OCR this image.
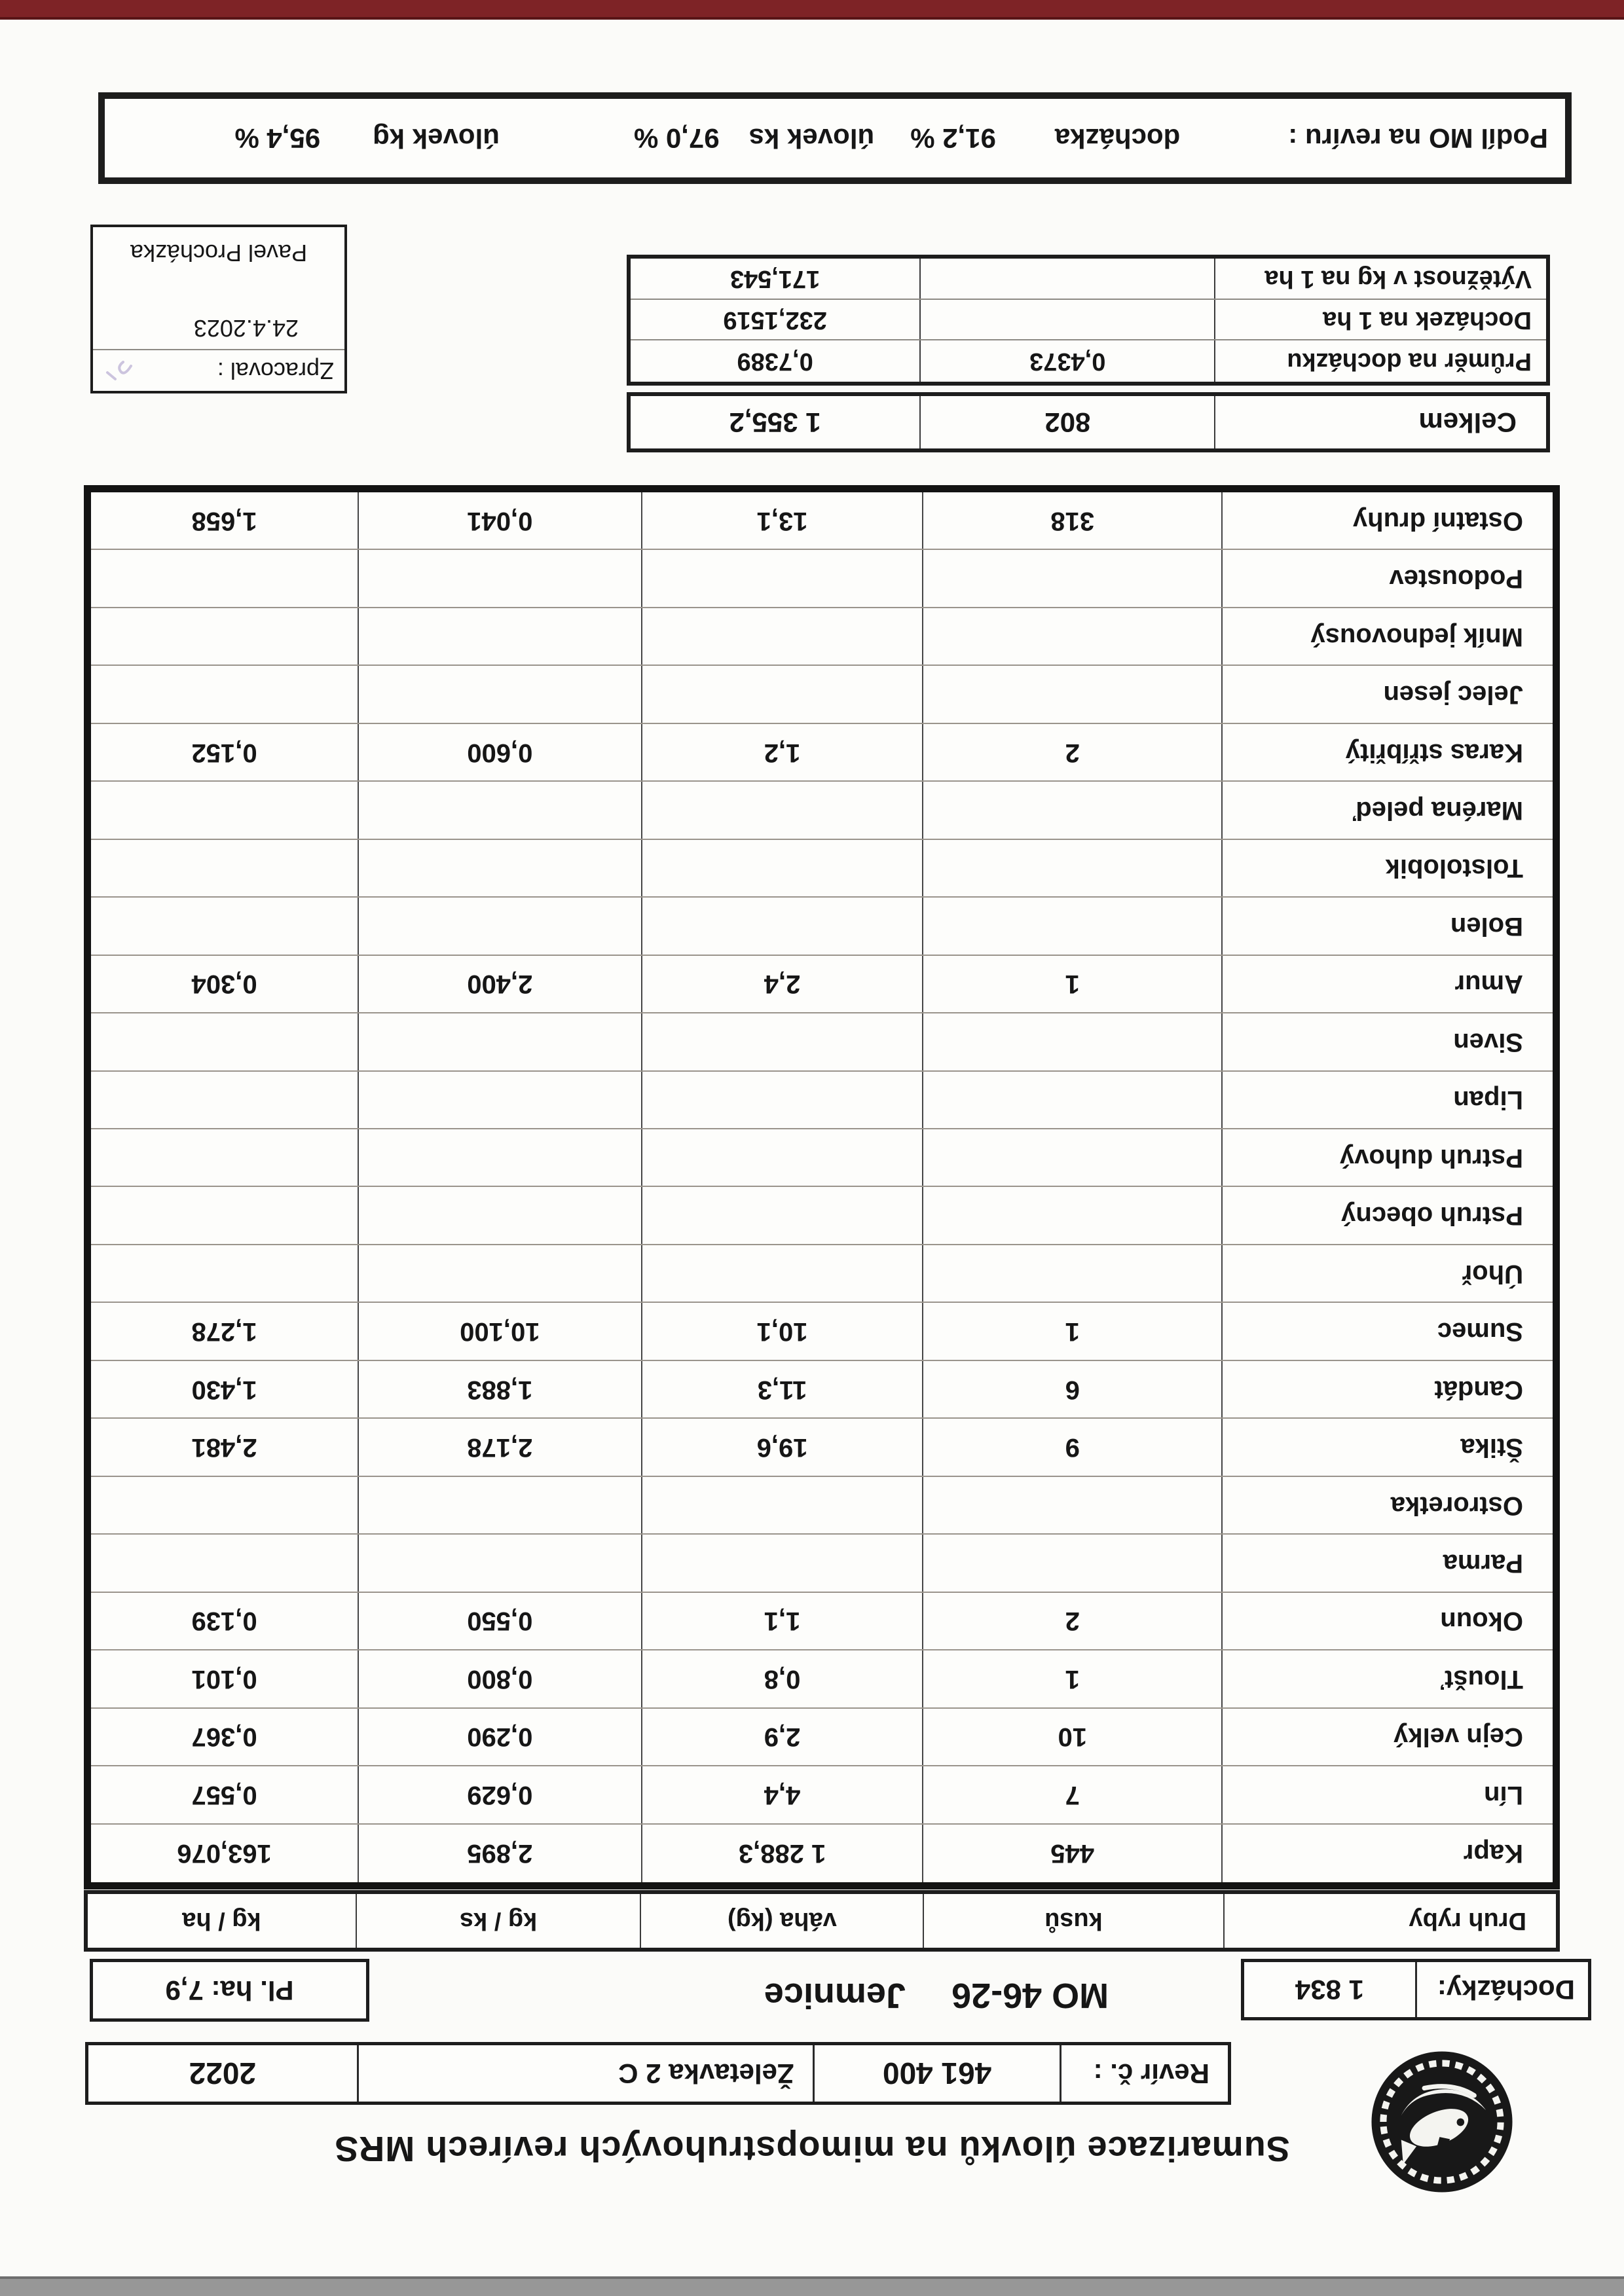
Sumarizace úlovků na mimopstruhových revírech MRS
Revír č. :
461 400
Želetavka 2 C
2022
Docházky:
1 834
MO 46-26
Jemnice
Pl. ha: 7,9
Druh ryby
kusů
váha (kg)
kg / ks
kg / ha
Kapr
445
1 288,3
2,895
163,076
Lín
7
4,4
0,629
0,557
Cejn velký
10
2,9
0,290
0,367
Tloušť
1
0,8
0,800
0,101
Okoun
2
1,1
0,550
0,139
Parma
Ostroretka
Štika
9
19,6
2,178
2,481
Candát
6
11,3
1,883
1,430
Sumec
1
10,1
10,100
1,278
Úhoř
Pstruh obecný
Pstruh duhový
Lipan
Siven
Amur
1
2,4
2,400
0,304
Bolen
Tolstolobik
Maréna peleď
Karas stříbřitý
2
1,2
0,600
0,152
Jelec jesen
Mník jednovousý
Podoustev
Ostatní druhy
318
13,1
0,041
1,658
Celkem
802
1 355,2
Průměr na docházku
0,4373
0,7389
Docházek na 1 ha
232,1519
Výtěžnost v kg na 1 ha
171,543
Zpracoval :
24.4.2023
Pavel Procházka
Podíl MO na revíru :
docházka
91,2 %
úlovek ks
97,0 %
úlovek kg
95,4 %
